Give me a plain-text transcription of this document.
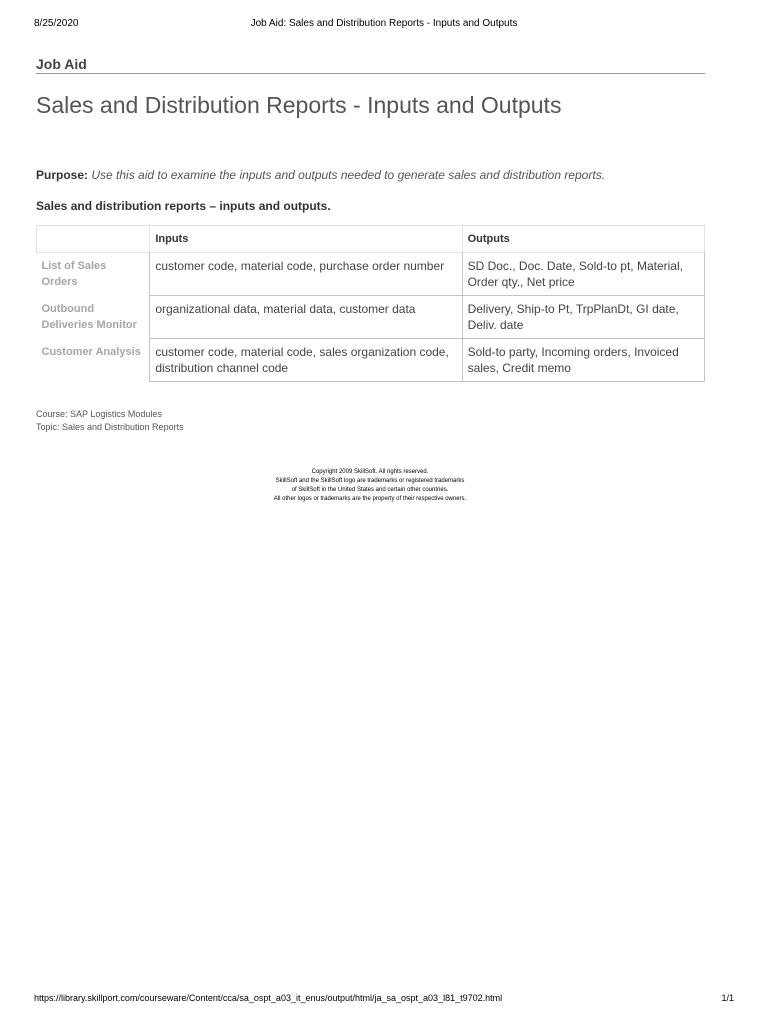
8/25/2020	Job Aid: Sales and Distribution Reports - Inputs and Outputs
Job Aid
Sales and Distribution Reports - Inputs and Outputs
Purpose: Use this aid to examine the inputs and outputs needed to generate sales and distribution reports.
Sales and distribution reports – inputs and outputs.
	Inputs	Outputs
List of Sales Orders	customer code, material code, purchase order number	SD Doc., Doc. Date, Sold-to pt, Material, Order qty., Net price
Outbound Deliveries Monitor	organizational data, material data, customer data	Delivery, Ship-to Pt, TrpPlanDt, GI date, Deliv. date
Customer Analysis	customer code, material code, sales organization code, distribution channel code	Sold-to party, Incoming orders, Invoiced sales, Credit memo
Course: SAP Logistics Modules
Topic: Sales and Distribution Reports
Copyright 2009 SkillSoft. All rights reserved.
SkillSoft and the SkillSoft logo are trademarks or registered trademarks
of SkillSoft in the United States and certain other countries.
All other logos or trademarks are the property of their respective owners.
https://library.skillport.com/courseware/Content/cca/sa_ospt_a03_it_enus/output/html/ja_sa_ospt_a03_l81_t9702.html	1/1
